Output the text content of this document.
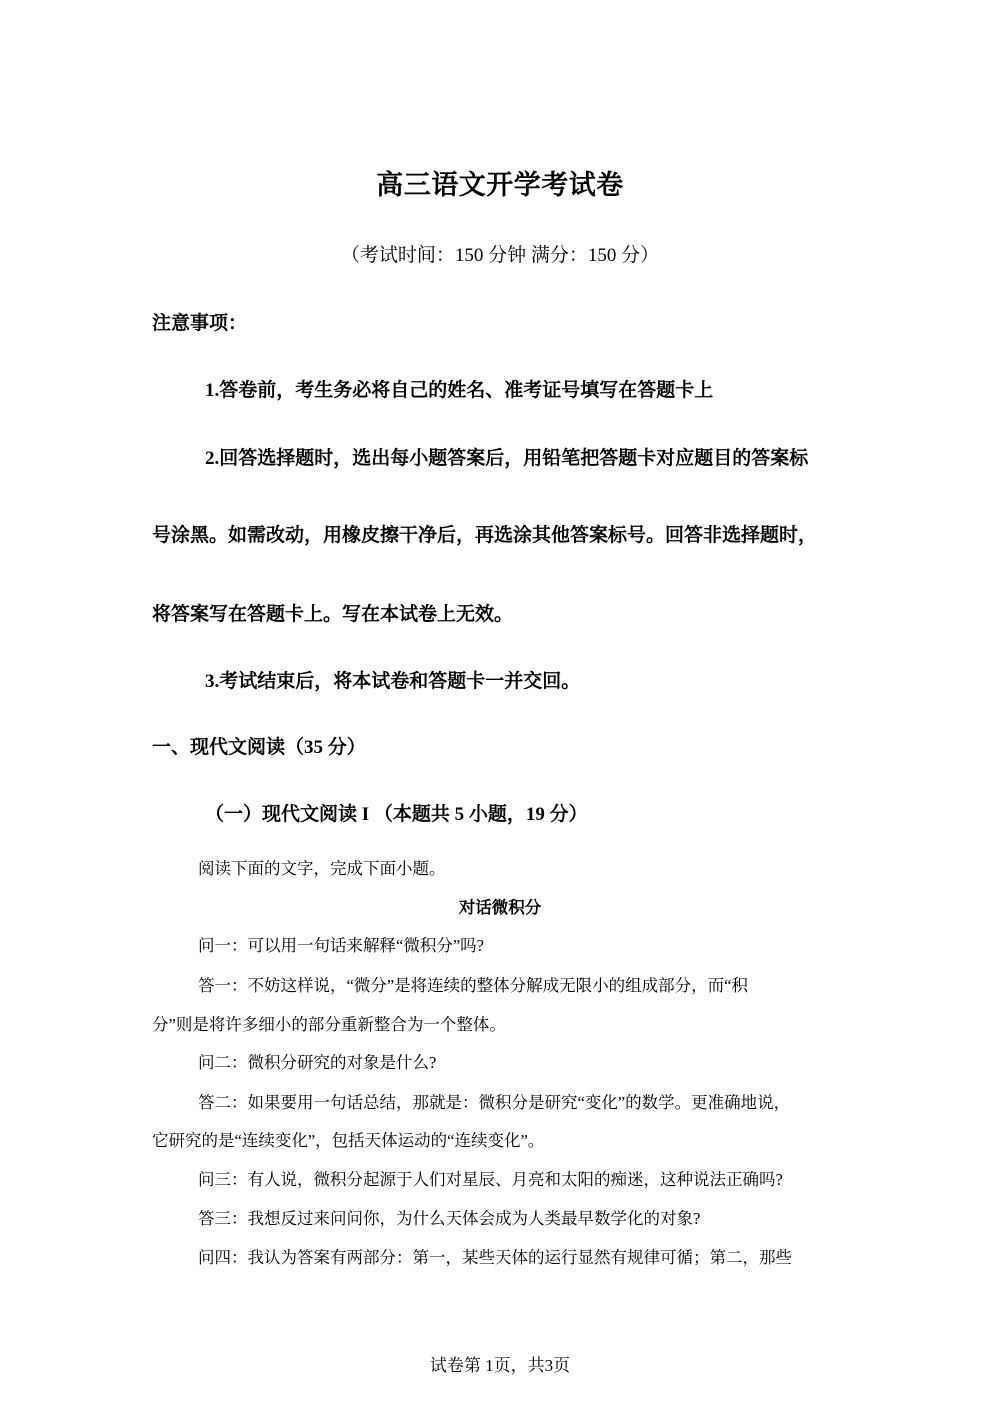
高三语文开学考试卷
（考试时间：150 分钟 满分：150 分）
注意事项：
1.答卷前，考生务必将自己的姓名、准考证号填写在答题卡上
2.回答选择题时，选出每小题答案后，用铅笔把答题卡对应题目的答案标
号涂黑。如需改动，用橡皮擦干净后，再选涂其他答案标号。回答非选择题时，
将答案写在答题卡上。写在本试卷上无效。
3.考试结束后，将本试卷和答题卡一并交回。
一、现代文阅读（35 分）
（一）现代文阅读 I （本题共 5 小题，19 分）
阅读下面的文字，完成下面小题。
对话微积分
问一：可以用一句话来解释“微积分”吗?
答一：不妨这样说，“微分”是将连续的整体分解成无限小的组成部分，而“积
分”则是将许多细小的部分重新整合为一个整体。
问二：微积分研究的对象是什么?
答二：如果要用一句话总结，那就是：微积分是研究“变化”的数学。更准确地说，
它研究的是“连续变化”，包括天体运动的“连续变化”。
问三：有人说，微积分起源于人们对星辰、月亮和太阳的痴迷，这种说法正确吗?
答三：我想反过来问问你，为什么天体会成为人类最早数学化的对象?
问四：我认为答案有两部分：第一，某些天体的运行显然有规律可循；第二，那些
试卷第 1页，共3页
